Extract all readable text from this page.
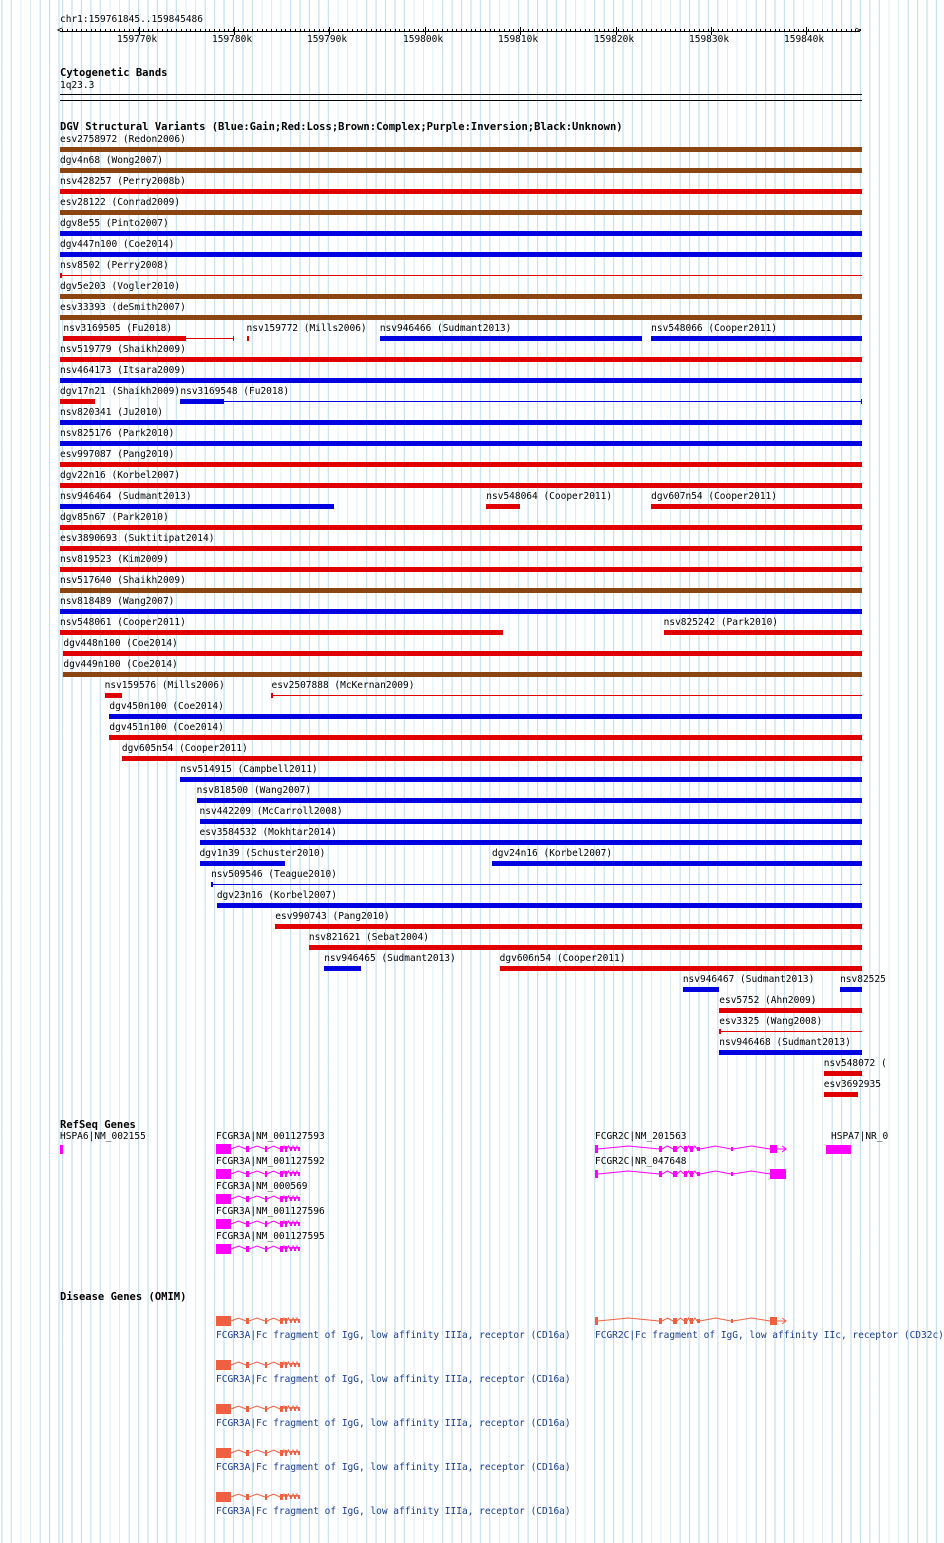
chr1:159761845..159845486
159770k	159780k	159790k	159800k	159810k	159820k	159830k	159840k
<	>
Cytogenetic Bands
1q23.3
DGV Structural Variants (Blue:Gain;Red:Loss;Brown:Complex;Purple:Inversion;Black:Unknown)
esv2758972 (Redon2006)
dgv4n68 (Wong2007)
nsv428257 (Perry2008b)
esv28122 (Conrad2009)
dgv8e55 (Pinto2007)
dgv447n100 (Coe2014)
nsv8502 (Perry2008)
dgv5e203 (Vogler2010)
esv33393 (deSmith2007)
nsv3169505 (Fu2018)	nsv159772 (Mills2006) nsv946466 (Sudmant2013)	nsv548066 (Cooper2011)
nsv519779 (Shaikh2009)
nsv464173 (Itsara2009)
dgv17n21 (Shaikh2009) nsv3169548 (Fu2018)
nsv820341 (Ju2010)
nsv825176 (Park2010)
esv997087 (Pang2010)
dgv22n16 (Korbel2007)
nsv946464 (Sudmant2013)	nsv548064 (Cooper2011)	dgv607n54 (Cooper2011)
dgv85n67 (Park2010)
esv3890693 (Suktitipat2014)
nsv819523 (Kim2009)
nsv517640 (Shaikh2009)
nsv818489 (Wang2007)
nsv548061 (Cooper2011)	nsv825242 (Park2010)
dgv448n100 (Coe2014)
dgv449n100 (Coe2014)
nsv159576 (Mills2006)	esv2507888 (McKernan2009)
dgv450n100 (Coe2014)
dgv451n100 (Coe2014)
dgv605n54 (Cooper2011)
nsv514915 (Campbell2011)
nsv818500 (Wang2007)
nsv442209 (McCarroll2008)
esv3584532 (Mokhtar2014)
dgv1n39 (Schuster2010)	dgv24n16 (Korbel2007)
nsv509546 (Teague2010)
dgv23n16 (Korbel2007)
esv990743 (Pang2010)
nsv821621 (Sebat2004)
nsv946465 (Sudmant2013)	dgv606n54 (Cooper2011)
nsv946467 (Sudmant2013)	nsv82525
esv5752 (Ahn2009)
esv3325 (Wang2008)
nsv946468 (Sudmant2013)
nsv548072 (
esv3692935
RefSeq Genes
HSPA6|NM_002155	FCGR3A|NM_001127593
FCGR3A|NM_001127592
FCGR3A|NM_000569
FCGR3A|NM_001127596
FCGR3A|NM_001127595
FCGR2C|NM_201563
FCGR2C|NR_047648
HSPA7|NR_0
Disease Genes (OMIM)
FCGR3A|Fc fragment of IgG, low affinity IIIa, receptor (CD16a)	FCGR2C|Fc fragment of IgG, low affinity IIc, receptor (CD32c)
FCGR3A|Fc fragment of IgG, low affinity IIIa, receptor (CD16a)
FCGR3A|Fc fragment of IgG, low affinity IIIa, receptor (CD16a)
FCGR3A|Fc fragment of IgG, low affinity IIIa, receptor (CD16a)
FCGR3A|Fc fragment of IgG, low affinity IIIa, receptor (CD16a)
